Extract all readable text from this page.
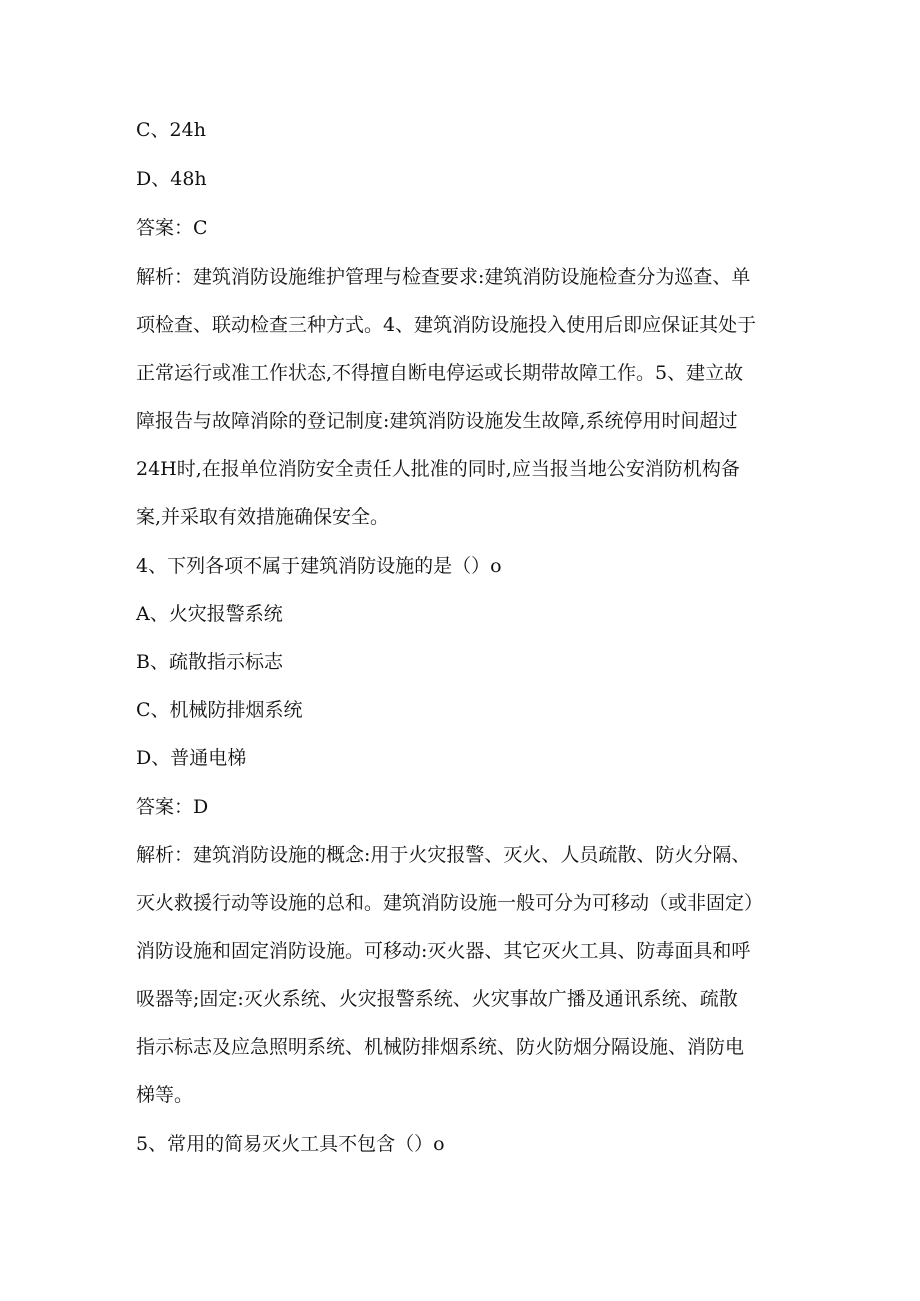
C、24h
D、48h
答案：C
解析：建筑消防设施维护管理与检查要求:建筑消防设施检查分为巡查、单
项检查、联动检查三种方式。4、建筑消防设施投入使用后即应保证其处于
正常运行或准工作状态,不得擅自断电停运或长期带故障工作。5、建立故
障报告与故障消除的登记制度:建筑消防设施发生故障,系统停用时间超过
24H时,在报单位消防安全责任人批准的同时,应当报当地公安消防机构备
案,并采取有效措施确保安全。
4、下列各项不属于建筑消防设施的是（）o
A、火灾报警系统
B、疏散指示标志
C、机械防排烟系统
D、普通电梯
答案：D
解析：建筑消防设施的概念:用于火灾报警、灭火、人员疏散、防火分隔、
灭火救援行动等设施的总和。建筑消防设施一般可分为可移动（或非固定）
消防设施和固定消防设施。可移动:灭火器、其它灭火工具、防毒面具和呼
吸器等;固定:灭火系统、火灾报警系统、火灾事故广播及通讯系统、疏散
指示标志及应急照明系统、机械防排烟系统、防火防烟分隔设施、消防电
梯等。
5、常用的简易灭火工具不包含（）o
